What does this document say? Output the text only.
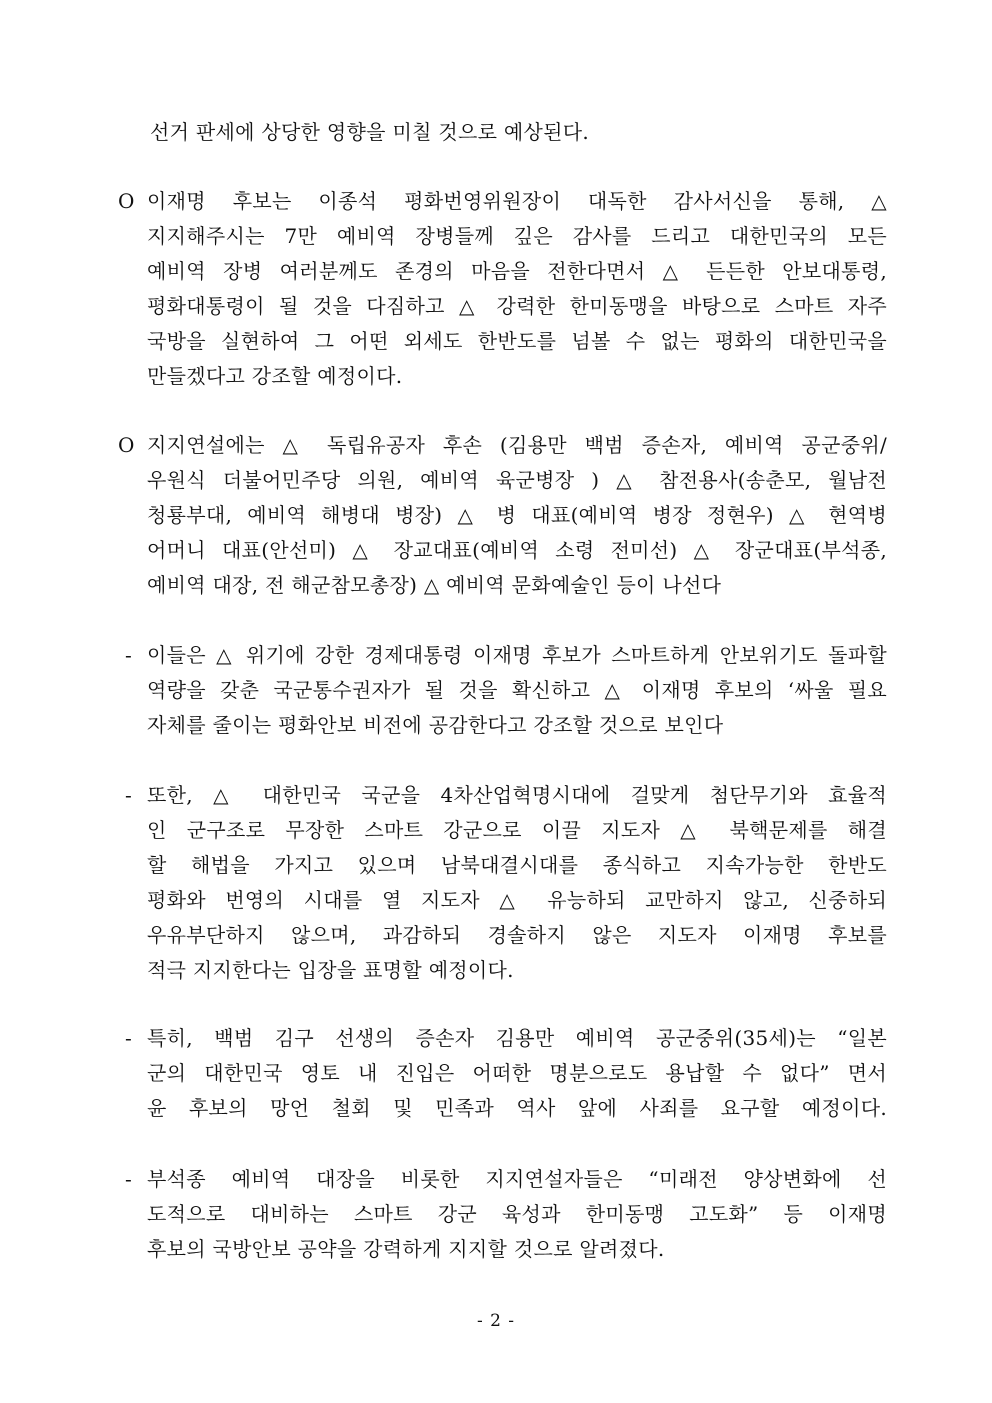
선거 판세에 상당한 영향을 미칠 것으로 예상된다.
O 이재명 후보는 이종석 평화번영위원장이 대독한 감사서신을 통해, △
지지해주시는 7만 예비역 장병들께 깊은 감사를 드리고 대한민국의 모든
예비역 장병 여러분께도 존경의 마음을 전한다면서 △ 든든한 안보대통령,
평화대통령이 될 것을 다짐하고 △ 강력한 한미동맹을 바탕으로 스마트 자주
국방을 실현하여 그 어떤 외세도 한반도를 넘볼 수 없는 평화의 대한민국을
만들겠다고 강조할 예정이다.
O 지지연설에는 △ 독립유공자 후손 (김용만 백범 증손자, 예비역 공군중위/
우원식 더불어민주당 의원, 예비역 육군병장 ) △ 참전용사(송춘모, 월남전
청룡부대, 예비역 해병대 병장) △ 병 대표(예비역 병장 정현우) △ 현역병
어머니 대표(안선미) △ 장교대표(예비역 소령 전미선) △ 장군대표(부석종,
예비역 대장, 전 해군참모총장) △ 예비역 문화예술인 등이 나선다
- 이들은 △ 위기에 강한 경제대통령 이재명 후보가 스마트하게 안보위기도 돌파할
역량을 갖춘 국군통수권자가 될 것을 확신하고 △ 이재명 후보의 ‘싸울 필요
자체를 줄이는 평화안보 비전에 공감한다고 강조할 것으로 보인다
- 또한, △ 대한민국 국군을 4차산업혁명시대에 걸맞게 첨단무기와 효율적
인 군구조로 무장한 스마트 강군으로 이끌 지도자 △ 북핵문제를 해결
할 해법을 가지고 있으며 남북대결시대를 종식하고 지속가능한 한반도
평화와 번영의 시대를 열 지도자 △ 유능하되 교만하지 않고, 신중하되
우유부단하지 않으며, 과감하되 경솔하지 않은 지도자 이재명 후보를
적극 지지한다는 입장을 표명할 예정이다.
- 특히, 백범 김구 선생의 증손자 김용만 예비역 공군중위(35세)는 “일본
군의 대한민국 영토 내 진입은 어떠한 명분으로도 용납할 수 없다” 면서
윤 후보의 망언 철회 및 민족과 역사 앞에 사죄를 요구할 예정이다.
- 부석종 예비역 대장을 비롯한 지지연설자들은 “미래전 양상변화에 선
도적으로 대비하는 스마트 강군 육성과 한미동맹 고도화” 등 이재명
후보의 국방안보 공약을 강력하게 지지할 것으로 알려졌다.
- 2 -
